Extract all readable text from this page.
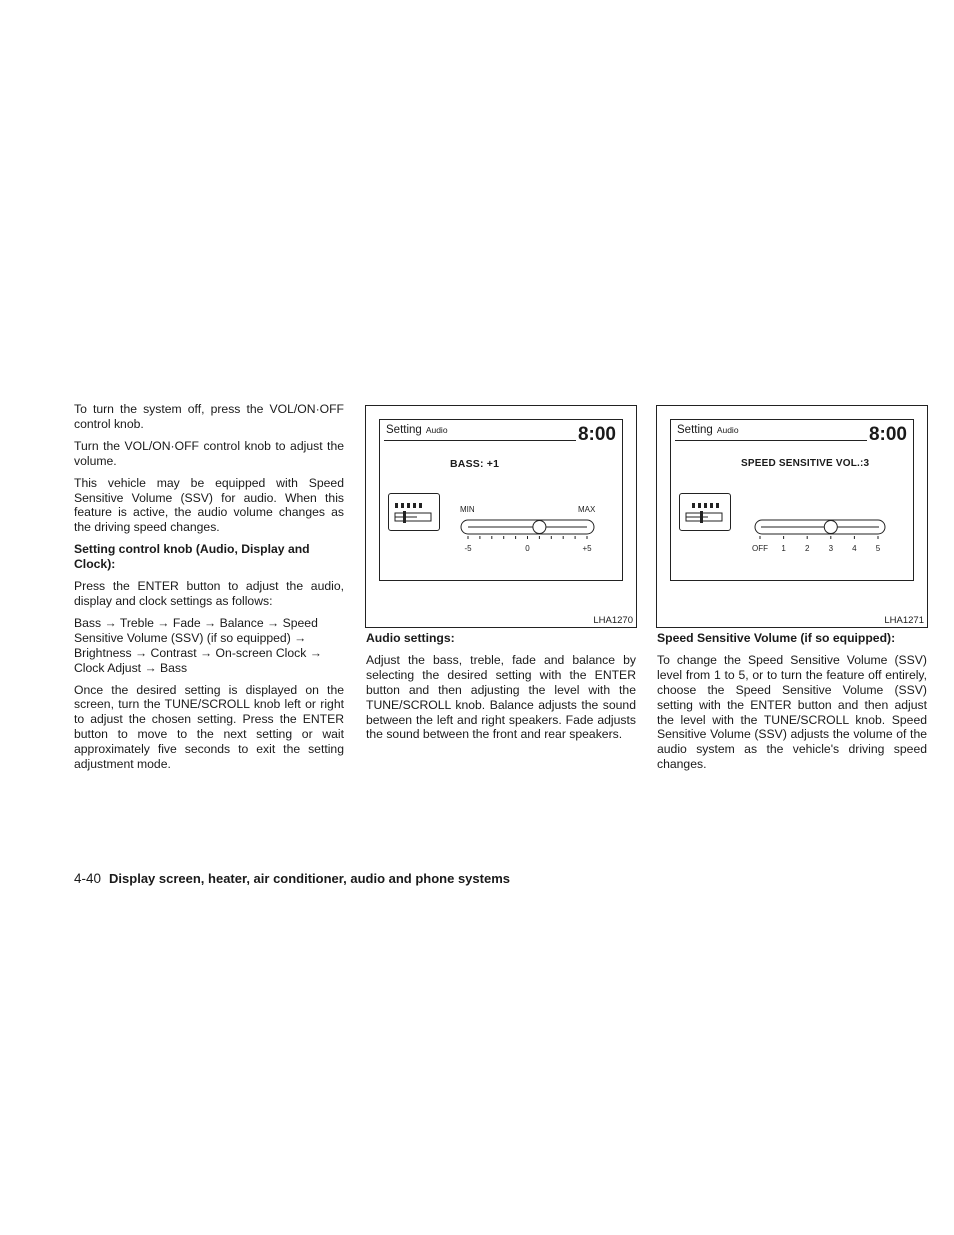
To turn the system off, press the VOL/ON·OFF control knob.

Turn the VOL/ON·OFF control knob to adjust the volume.

This vehicle may be equipped with Speed Sensitive Volume (SSV) for audio. When this feature is active, the audio volume changes as the driving speed changes.

Setting control knob (Audio, Display and Clock):

Press the ENTER button to adjust the audio, display and clock settings as follows:

Bass → Treble → Fade → Balance → Speed Sensitive Volume (SSV) (if so equipped) → Brightness → Contrast → On-screen Clock → Clock Adjust → Bass

Once the desired setting is displayed on the screen, turn the TUNE/SCROLL knob left or right to adjust the chosen setting. Press the ENTER button to move to the next setting or wait approximately five seconds to exit the setting adjustment mode.

Setting Audio	8:00
BASS: +1
MIN	MAX
-5	0	+5
LHA1270
Setting Audio	8:00
SPEED SENSITIVE VOL.:3
OFF 1 2 3 4 5
LHA1271
Audio settings:

Adjust the bass, treble, fade and balance by selecting the desired setting with the ENTER button and then adjusting the level with the TUNE/SCROLL knob. Balance adjusts the sound between the left and right speakers. Fade adjusts the sound between the front and rear speakers.

Speed Sensitive Volume (if so equipped):

To change the Speed Sensitive Volume (SSV) level from 1 to 5, or to turn the feature off entirely, choose the Speed Sensitive Volume (SSV) setting with the ENTER button and then adjust the level with the TUNE/SCROLL knob. Speed Sensitive Volume (SSV) adjusts the volume of the audio system as the vehicle's driving speed changes.

4-40 Display screen, heater, air conditioner, audio and phone systems
